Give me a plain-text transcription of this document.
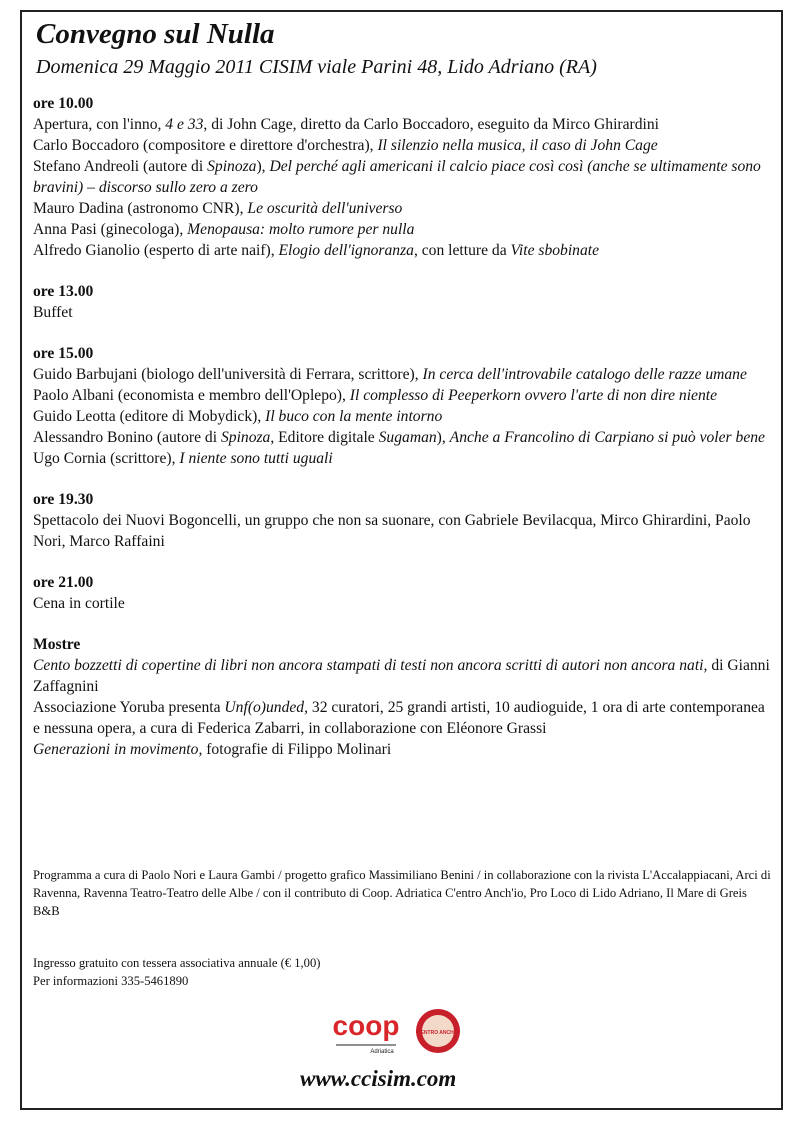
Convegno sul Nulla
Domenica 29 Maggio 2011 CISIM viale Parini 48, Lido Adriano (RA)
ore 10.00
Apertura, con l'inno, 4 e 33, di John Cage, diretto da Carlo Boccadoro, eseguito da Mirco Ghirardini
Carlo Boccadoro (compositore e direttore d'orchestra), Il silenzio nella musica, il caso di John Cage
Stefano Andreoli (autore di Spinoza), Del perché agli americani il calcio piace così così (anche se ultimamente sono bravini) – discorso sullo zero a zero
Mauro Dadina (astronomo CNR), Le oscurità dell'universo
Anna Pasi (ginecologa), Menopausa: molto rumore per nulla
Alfredo Gianolio (esperto di arte naif), Elogio dell'ignoranza, con letture da Vite sbobinate
ore 13.00
Buffet
ore 15.00
Guido Barbujani (biologo dell'università di Ferrara, scrittore), In cerca dell'introvabile catalogo delle razze umane
Paolo Albani (economista e membro dell'Oplepo), Il complesso di Peeperkorn ovvero l'arte di non dire niente
Guido Leotta (editore di Mobydick), Il buco con la mente intorno
Alessandro Bonino (autore di Spinoza, Editore digitale Sugaman), Anche a Francolino di Carpiano si può voler bene
Ugo Cornia (scrittore), I niente sono tutti uguali
ore 19.30
Spettacolo dei Nuovi Bogoncelli, un gruppo che non sa suonare, con Gabriele Bevilacqua, Mirco Ghirardini, Paolo Nori, Marco Raffaini
ore 21.00
Cena in cortile
Mostre
Cento bozzetti di copertine di libri non ancora stampati di testi non ancora scritti di autori non ancora nati, di Gianni Zaffagnini
Associazione Yoruba presenta Unf(o)unded, 32 curatori, 25 grandi artisti, 10 audioguide, 1 ora di arte contemporanea e nessuna opera, a cura di Federica Zabarri, in collaborazione con Eléonore Grassi
Generazioni in movimento, fotografie di Filippo Molinari
Programma a cura di Paolo Nori e Laura Gambi / progetto grafico Massimiliano Benini / in collaborazione con la rivista L'Accalappiacani, Arci di Ravenna, Ravenna Teatro-Teatro delle Albe / con il contributo di Coop. Adriatica C'entro Anch'io, Pro Loco di Lido Adriano, Il Mare di Greis B&B
Ingresso gratuito con tessera associativa annuale (€ 1,00)
Per informazioni 335-5461890
coop
Adriatica
C'ENTRO ANCH'IO
www.ccisim.com
